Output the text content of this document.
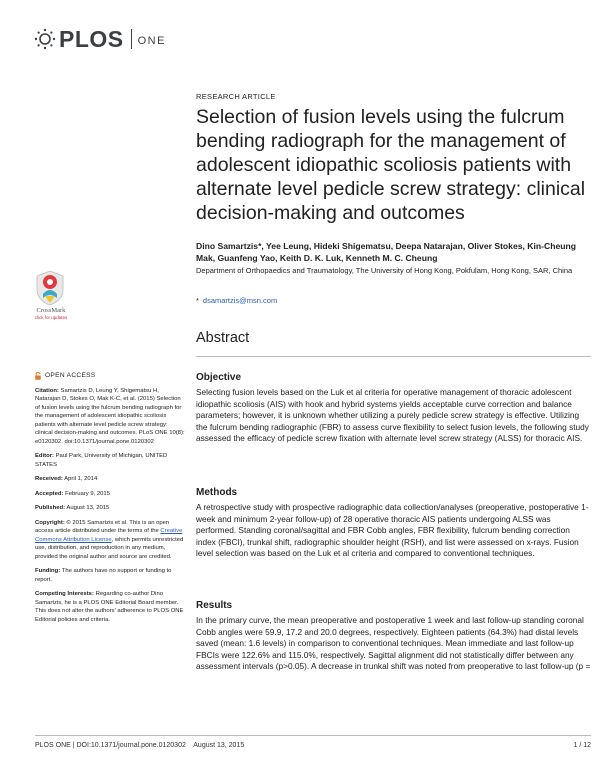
PLOS ONE
RESEARCH ARTICLE
Selection of fusion levels using the fulcrum bending radiograph for the management of adolescent idiopathic scoliosis patients with alternate level pedicle screw strategy: clinical decision-making and outcomes
Dino Samartzis*, Yee Leung, Hideki Shigematsu, Deepa Natarajan, Oliver Stokes, Kin-Cheung Mak, Guanfeng Yao, Keith D. K. Luk, Kenneth M. C. Cheung
Department of Orthopaedics and Traumatology, The University of Hong Kong, Pokfulam, Hong Kong, SAR, China
* dsamartzis@msn.com
CrossMark
click for updates
Abstract
Objective

Selecting fusion levels based on the Luk et al criteria for operative management of thoracic adolescent idiopathic scoliosis (AIS) with hook and hybrid systems yields acceptable curve correction and balance parameters; however, it is unknown whether utilizing a purely pedicle screw strategy is effective. Utilizing the fulcrum bending radiographic (FBR) to assess curve flexibility to select fusion levels, the following study assessed the efficacy of pedicle screw fixation with alternate level screw strategy (ALSS) for thoracic AIS.

Methods

A retrospective study with prospective radiographic data collection/analyses (preoperative, postoperative 1-week and minimum 2-year follow-up) of 28 operative thoracic AIS patients undergoing ALSS was performed. Standing coronal/sagittal and FBR Cobb angles, FBR flexibility, fulcrum bending correction index (FBCI), trunkal shift, radiographic shoulder height (RSH), and list were assessed on x-rays. Fusion level selection was based on the Luk et al criteria and compared to conventional techniques.

Results

In the primary curve, the mean preoperative and postoperative 1 week and last follow-up standing coronal Cobb angles were 59.9, 17.2 and 20.0 degrees, respectively. Eighteen patients (64.3%) had distal levels saved (mean: 1.6 levels) in comparison to conventional techniques. Mean immediate and last follow-up FBCIs were 122.6% and 115.0%, respectively. Sagittal alignment did not statistically differ between any assessment intervals (p>0.05). A decrease in trunkal shift was noted from preoperative to last follow-up (p =

OPEN ACCESS
Citation: Samartzis D, Leung Y, Shigematsu H, Natarajan D, Stokes O, Mak K-C, et al. (2015) Selection of fusion levels using the fulcrum bending radiograph for the management of adolescent idiopathic scoliosis patients with alternate level pedicle screw strategy: clinical decision-making and outcomes. PLoS ONE 10(8): e0120302. doi:10.1371/journal.pone.0120302
Editor: Paul Park, University of Michigan, UNITED STATES
Received: April 1, 2014
Accepted: February 9, 2015
Published: August 13, 2015
Copyright: © 2015 Samartzis et al. This is an open access article distributed under the terms of the Creative Commons Attribution License, which permits unrestricted use, distribution, and reproduction in any medium, provided the original author and source are credited.
Funding: The authors have no support or funding to report.
Competing Interests: Regarding co-author Dino Samartzis, he is a PLOS ONE Editorial Board member. This does not alter the authors' adherence to PLOS ONE Editorial policies and criteria.
PLOS ONE | DOI:10.1371/journal.pone.0120302    August 13, 2015	1 / 12
